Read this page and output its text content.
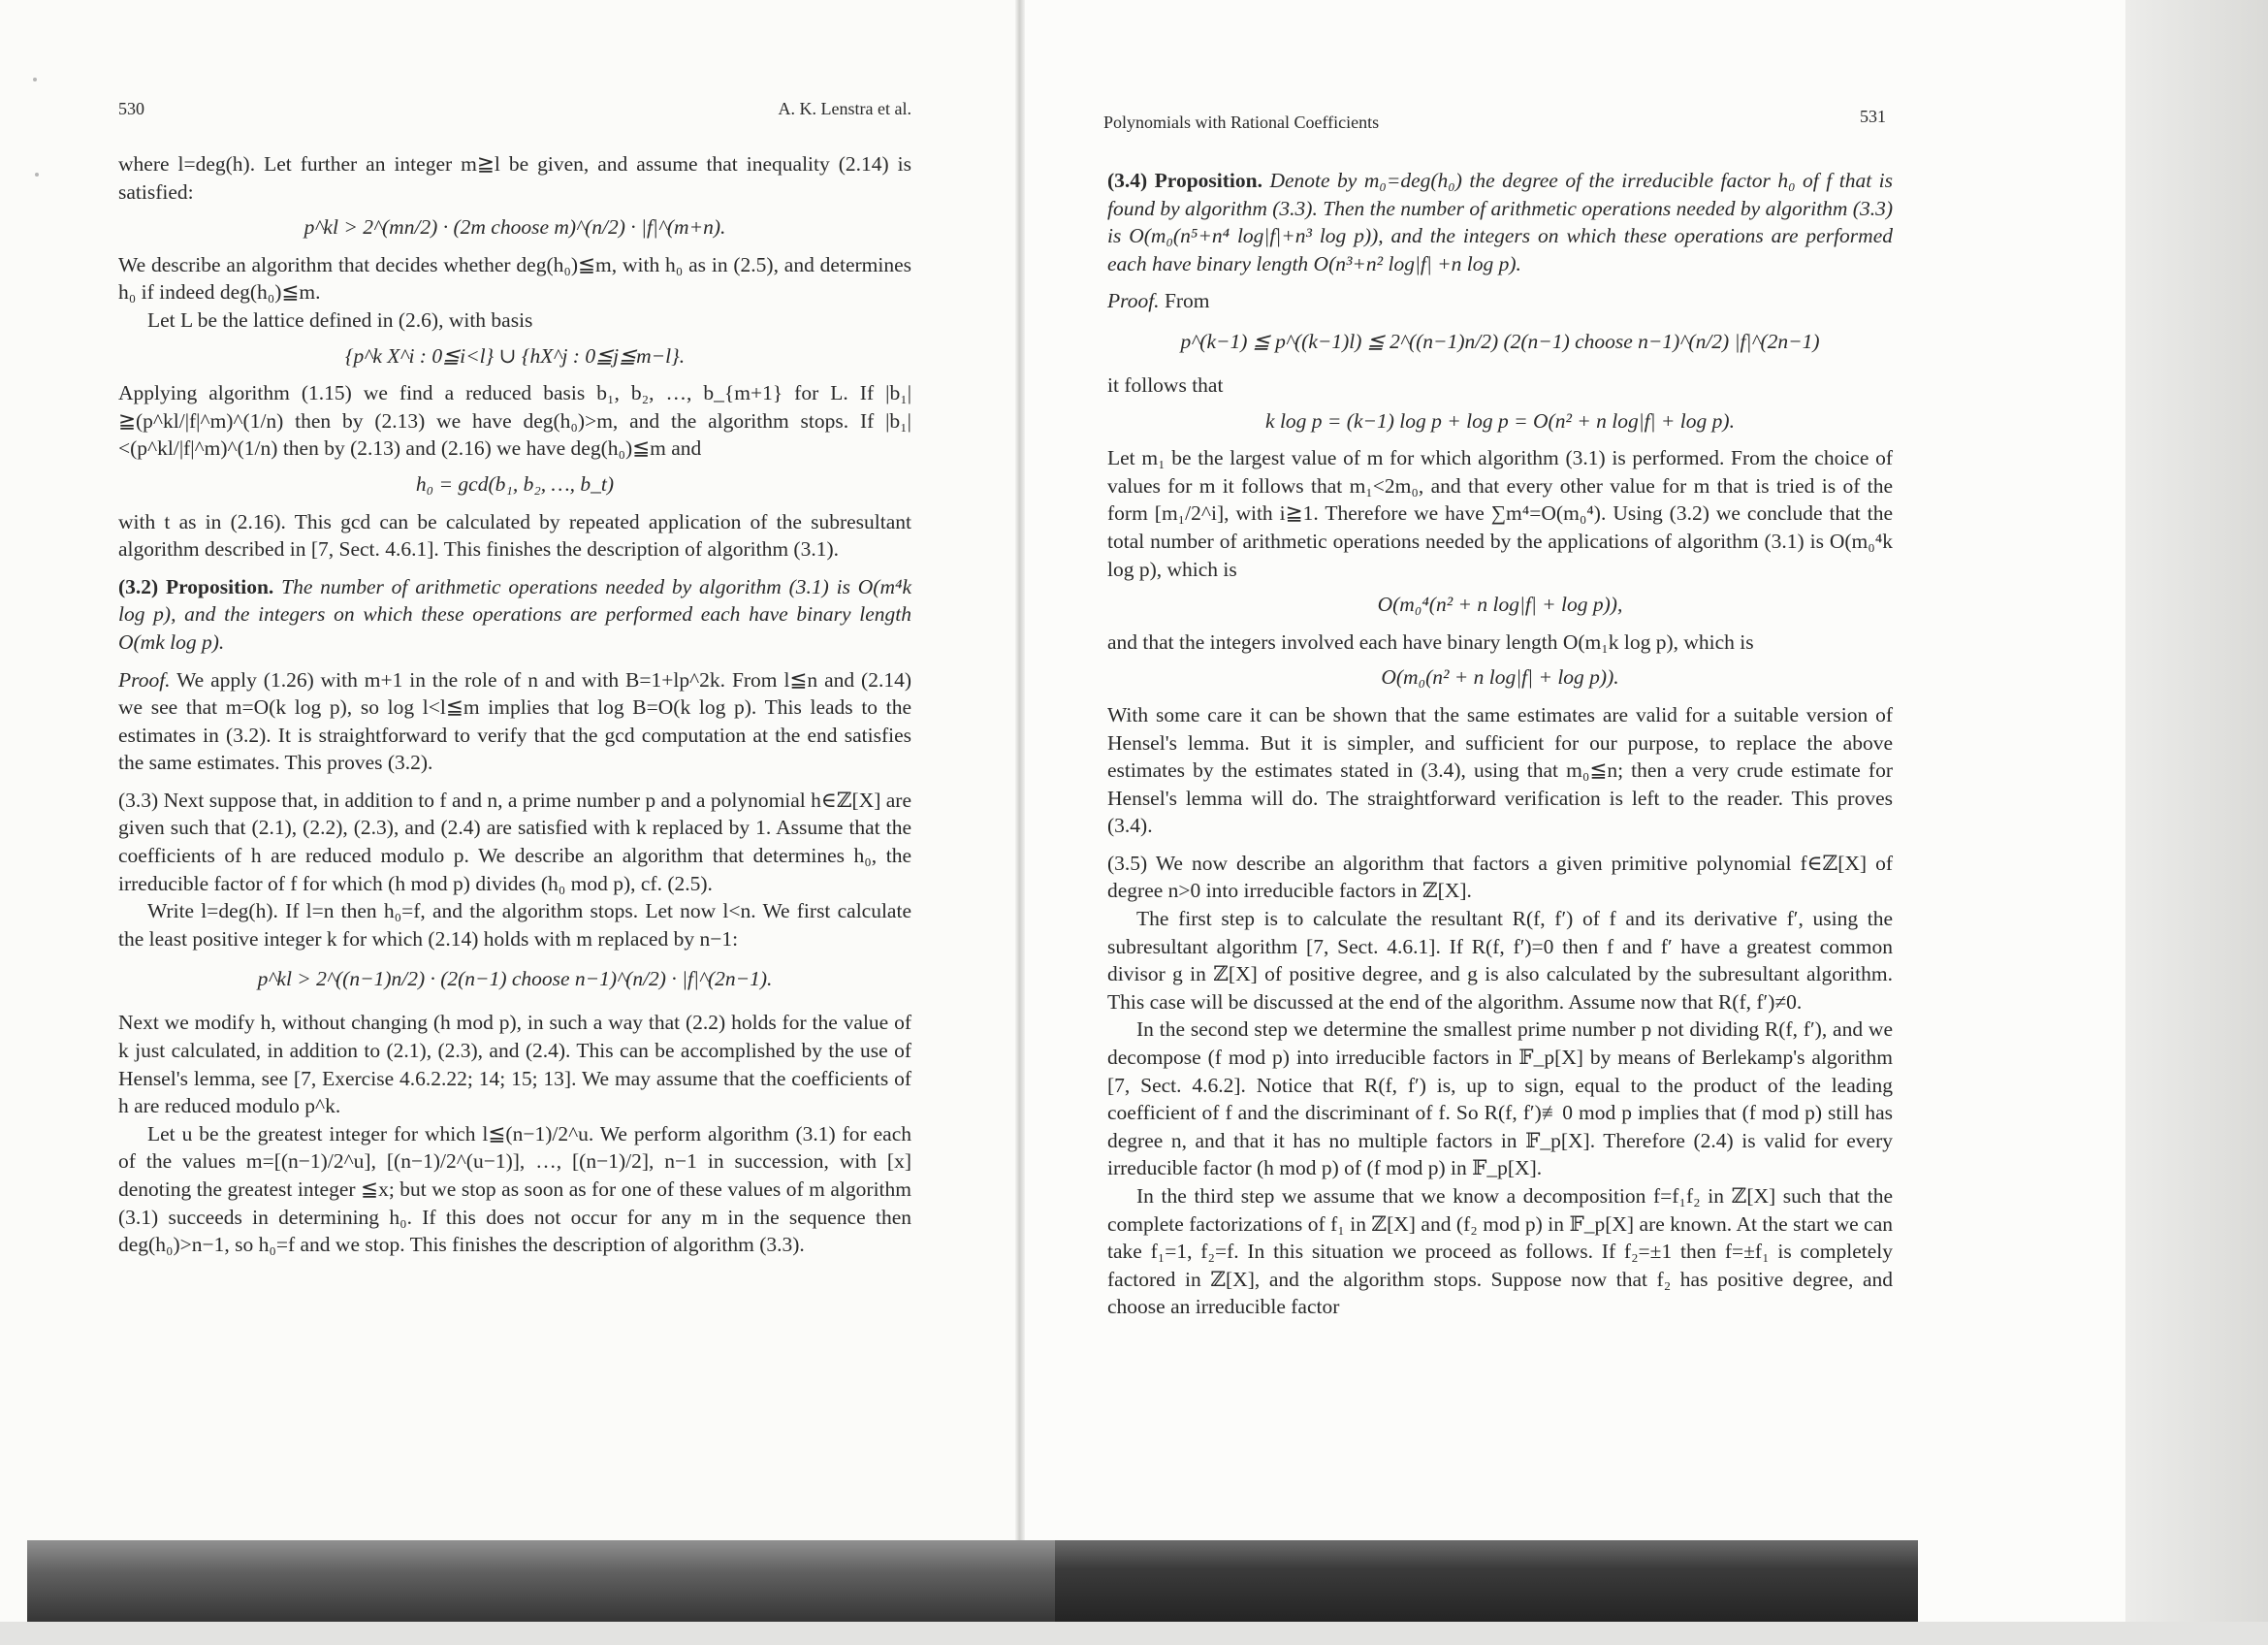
530	A. K. Lenstra et al.
Polynomials with Rational Coefficients	531

where l=deg(h). Let further an integer m≧l be given, and assume that inequality (2.14) is satisfied:

p^kl > 2^(mn/2) · (2m choose m)^(n/2) · |f|^(m+n).

We describe an algorithm that decides whether deg(h₀)≦m, with h₀ as in (2.5), and determines h₀ if indeed deg(h₀)≦m.

Let L be the lattice defined in (2.6), with basis

{p^k X^i : 0≦i<l} ∪ {hX^j : 0≦j≦m−l}.

Applying algorithm (1.15) we find a reduced basis b₁, b₂, …, b_{m+1} for L. If |b₁| ≧(p^kl/|f|^m)^(1/n) then by (2.13) we have deg(h₀)>m, and the algorithm stops. If |b₁| <(p^kl/|f|^m)^(1/n) then by (2.13) and (2.16) we have deg(h₀)≦m and

h₀ = gcd(b₁, b₂, …, b_t)

with t as in (2.16). This gcd can be calculated by repeated application of the subresultant algorithm described in [7, Sect. 4.6.1]. This finishes the description of algorithm (3.1).

(3.2) Proposition. The number of arithmetic operations needed by algorithm (3.1) is O(m⁴k log p), and the integers on which these operations are performed each have binary length O(mk log p).

Proof. We apply (1.26) with m+1 in the role of n and with B=1+lp^2k. From l≦n and (2.14) we see that m=O(k log p), so log l<l≦m implies that log B=O(k log p). This leads to the estimates in (3.2). It is straightforward to verify that the gcd computation at the end satisfies the same estimates. This proves (3.2).

(3.3) Next suppose that, in addition to f and n, a prime number p and a polynomial h∈ℤ[X] are given such that (2.1), (2.2), (2.3), and (2.4) are satisfied with k replaced by 1. Assume that the coefficients of h are reduced modulo p. We describe an algorithm that determines h₀, the irreducible factor of f for which (h mod p) divides (h₀ mod p), cf. (2.5).

Write l=deg(h). If l=n then h₀=f, and the algorithm stops. Let now l<n. We first calculate the least positive integer k for which (2.14) holds with m replaced by n−1:

p^kl > 2^((n−1)n/2) · (2(n−1) choose n−1)^(n/2) · |f|^(2n−1).

Next we modify h, without changing (h mod p), in such a way that (2.2) holds for the value of k just calculated, in addition to (2.1), (2.3), and (2.4). This can be accomplished by the use of Hensel's lemma, see [7, Exercise 4.6.2.22; 14; 15; 13]. We may assume that the coefficients of h are reduced modulo p^k.

Let u be the greatest integer for which l≦(n−1)/2^u. We perform algorithm (3.1) for each of the values m=[(n−1)/2^u], [(n−1)/2^(u−1)], …, [(n−1)/2], n−1 in succession, with [x] denoting the greatest integer ≦x; but we stop as soon as for one of these values of m algorithm (3.1) succeeds in determining h₀. If this does not occur for any m in the sequence then deg(h₀)>n−1, so h₀=f and we stop. This finishes the description of algorithm (3.3).

(3.4) Proposition. Denote by m₀=deg(h₀) the degree of the irreducible factor h₀ of f that is found by algorithm (3.3). Then the number of arithmetic operations needed by algorithm (3.3) is O(m₀(n⁵+n⁴ log|f|+n³ log p)), and the integers on which these operations are performed each have binary length O(n³+n² log|f| +n log p).

Proof. From

p^(k−1) ≦ p^((k−1)l) ≦ 2^((n−1)n/2) (2(n−1) choose n−1)^(n/2) |f|^(2n−1)

it follows that

k log p = (k−1) log p + log p = O(n² + n log|f| + log p).

Let m₁ be the largest value of m for which algorithm (3.1) is performed. From the choice of values for m it follows that m₁<2m₀, and that every other value for m that is tried is of the form [m₁/2^i], with i≧1. Therefore we have ∑m⁴=O(m₀⁴). Using (3.2) we conclude that the total number of arithmetic operations needed by the applications of algorithm (3.1) is O(m₀⁴k log p), which is

O(m₀⁴(n² + n log|f| + log p)),

and that the integers involved each have binary length O(m₁k log p), which is

O(m₀(n² + n log|f| + log p)).

With some care it can be shown that the same estimates are valid for a suitable version of Hensel's lemma. But it is simpler, and sufficient for our purpose, to replace the above estimates by the estimates stated in (3.4), using that m₀≦n; then a very crude estimate for Hensel's lemma will do. The straightforward verification is left to the reader. This proves (3.4).

(3.5) We now describe an algorithm that factors a given primitive polynomial f∈ℤ[X] of degree n>0 into irreducible factors in ℤ[X].

The first step is to calculate the resultant R(f, f′) of f and its derivative f′, using the subresultant algorithm [7, Sect. 4.6.1]. If R(f, f′)=0 then f and f′ have a greatest common divisor g in ℤ[X] of positive degree, and g is also calculated by the subresultant algorithm. This case will be discussed at the end of the algorithm. Assume now that R(f, f′)≠0.

In the second step we determine the smallest prime number p not dividing R(f, f′), and we decompose (f mod p) into irreducible factors in 𝔽_p[X] by means of Berlekamp's algorithm [7, Sect. 4.6.2]. Notice that R(f, f′) is, up to sign, equal to the product of the leading coefficient of f and the discriminant of f. So R(f, f′)≢0 mod p implies that (f mod p) still has degree n, and that it has no multiple factors in 𝔽_p[X]. Therefore (2.4) is valid for every irreducible factor (h mod p) of (f mod p) in 𝔽_p[X].

In the third step we assume that we know a decomposition f=f₁f₂ in ℤ[X] such that the complete factorizations of f₁ in ℤ[X] and (f₂ mod p) in 𝔽_p[X] are known. At the start we can take f₁=1, f₂=f. In this situation we proceed as follows. If f₂=±1 then f=±f₁ is completely factored in ℤ[X], and the algorithm stops. Suppose now that f₂ has positive degree, and choose an irreducible factor
